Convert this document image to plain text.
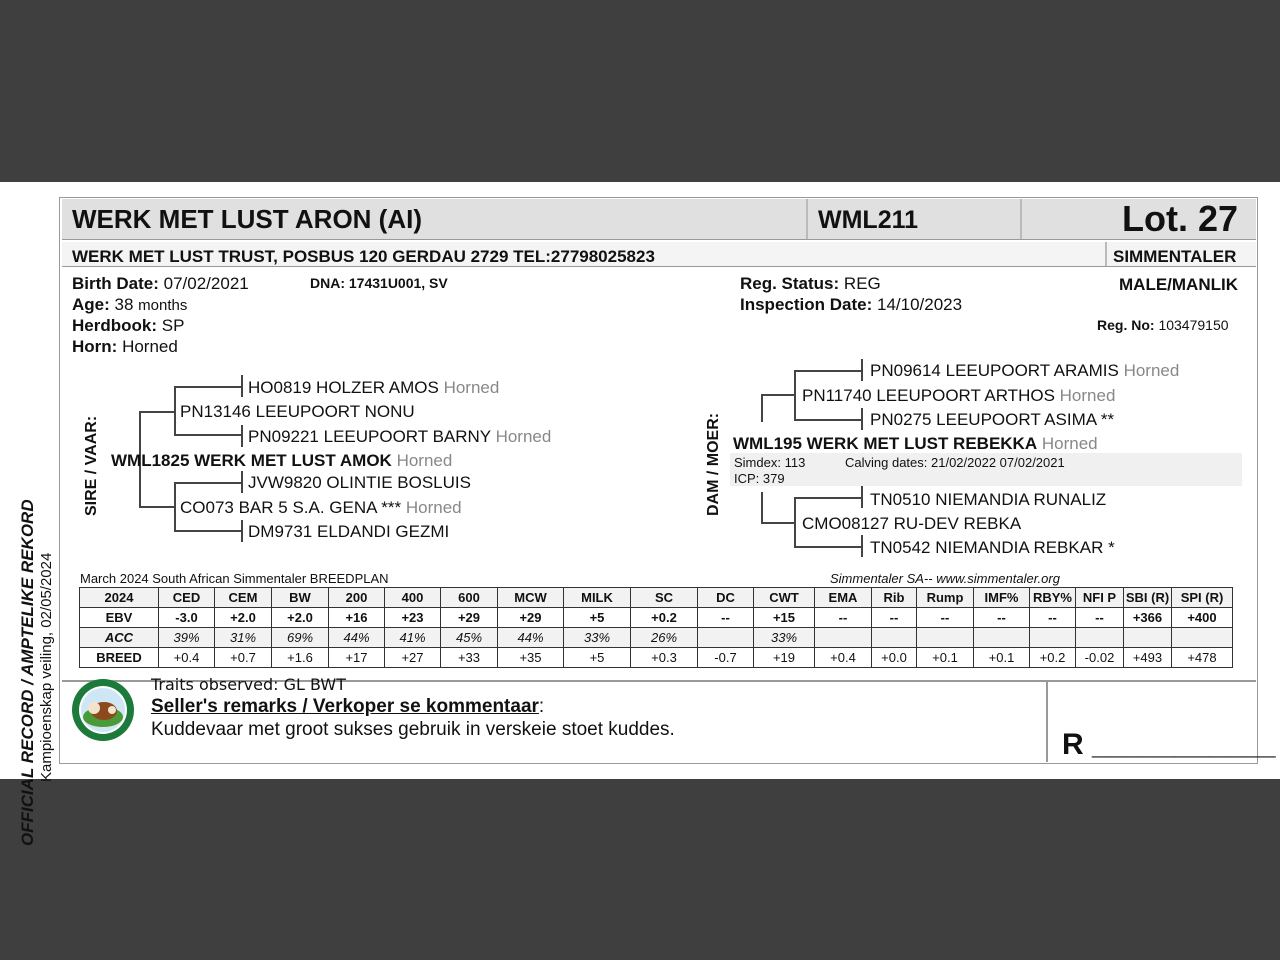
OFFICIAL RECORD / AMPTELIKE REKORD Kampioenskap veiling, 02/05/2024
WERK MET LUST ARON (AI)	WML211	Lot. 27
WERK MET LUST TRUST, POSBUS 120 GERDAU 2729 TEL:27798025823	SIMMENTALER
Birth Date: 07/02/2021
Age: 38 months
Herdbook: SP
Horn: Horned
DNA: 17431U001, SV	Reg. Status: REG
Inspection Date: 14/10/2023
MALE/MANLIK
Reg. No: 103479150
SIRE / VAAR:
HO0819 HOLZER AMOS Horned
PN13146 LEEUPOORT NONU
PN09221 LEEUPOORT BARNY Horned
WML1825 WERK MET LUST AMOK Horned
JVW9820 OLINTIE BOSLUIS
CO073 BAR 5 S.A. GENA *** Horned
DM9731 ELDANDI GEZMI
DAM / MOER:
PN09614 LEEUPOORT ARAMIS Horned
PN11740 LEEUPOORT ARTHOS Horned
PN0275 LEEUPOORT ASIMA **
WML195 WERK MET LUST REBEKKA Horned
Simdex: 113	Calving dates: 21/02/2022 07/02/2021
ICP: 379
TN0510 NIEMANDIA RUNALIZ
CMO08127 RU-DEV REBKA
TN0542 NIEMANDIA REBKAR *
March 2024 South African Simmentaler BREEDPLAN	Simmentaler SA-- www.simmentaler.org
2024	CED	CEM	BW	200	400	600	MCW	MILK	SC	DC	CWT	EMA	Rib	Rump	IMF%	RBY%	NFI P	SBI (R)	SPI (R)
EBV	-3.0	+2.0	+2.0	+16	+23	+29	+29	+5	+0.2	--	+15	--	--	--	--	--	--	+366	+400
ACC	39%	31%	69%	44%	41%	45%	44%	33%	26%		33%								
BREED	+0.4	+0.7	+1.6	+17	+27	+33	+35	+5	+0.3	-0.7	+19	+0.4	+0.0	+0.1	+0.1	+0.2	-0.02	+493	+478
Traits observed: GL BWT
Seller's remarks / Verkoper se kommentaar:
Kuddevaar met groot sukses gebruik in verskeie stoet kuddes.	R ___________
